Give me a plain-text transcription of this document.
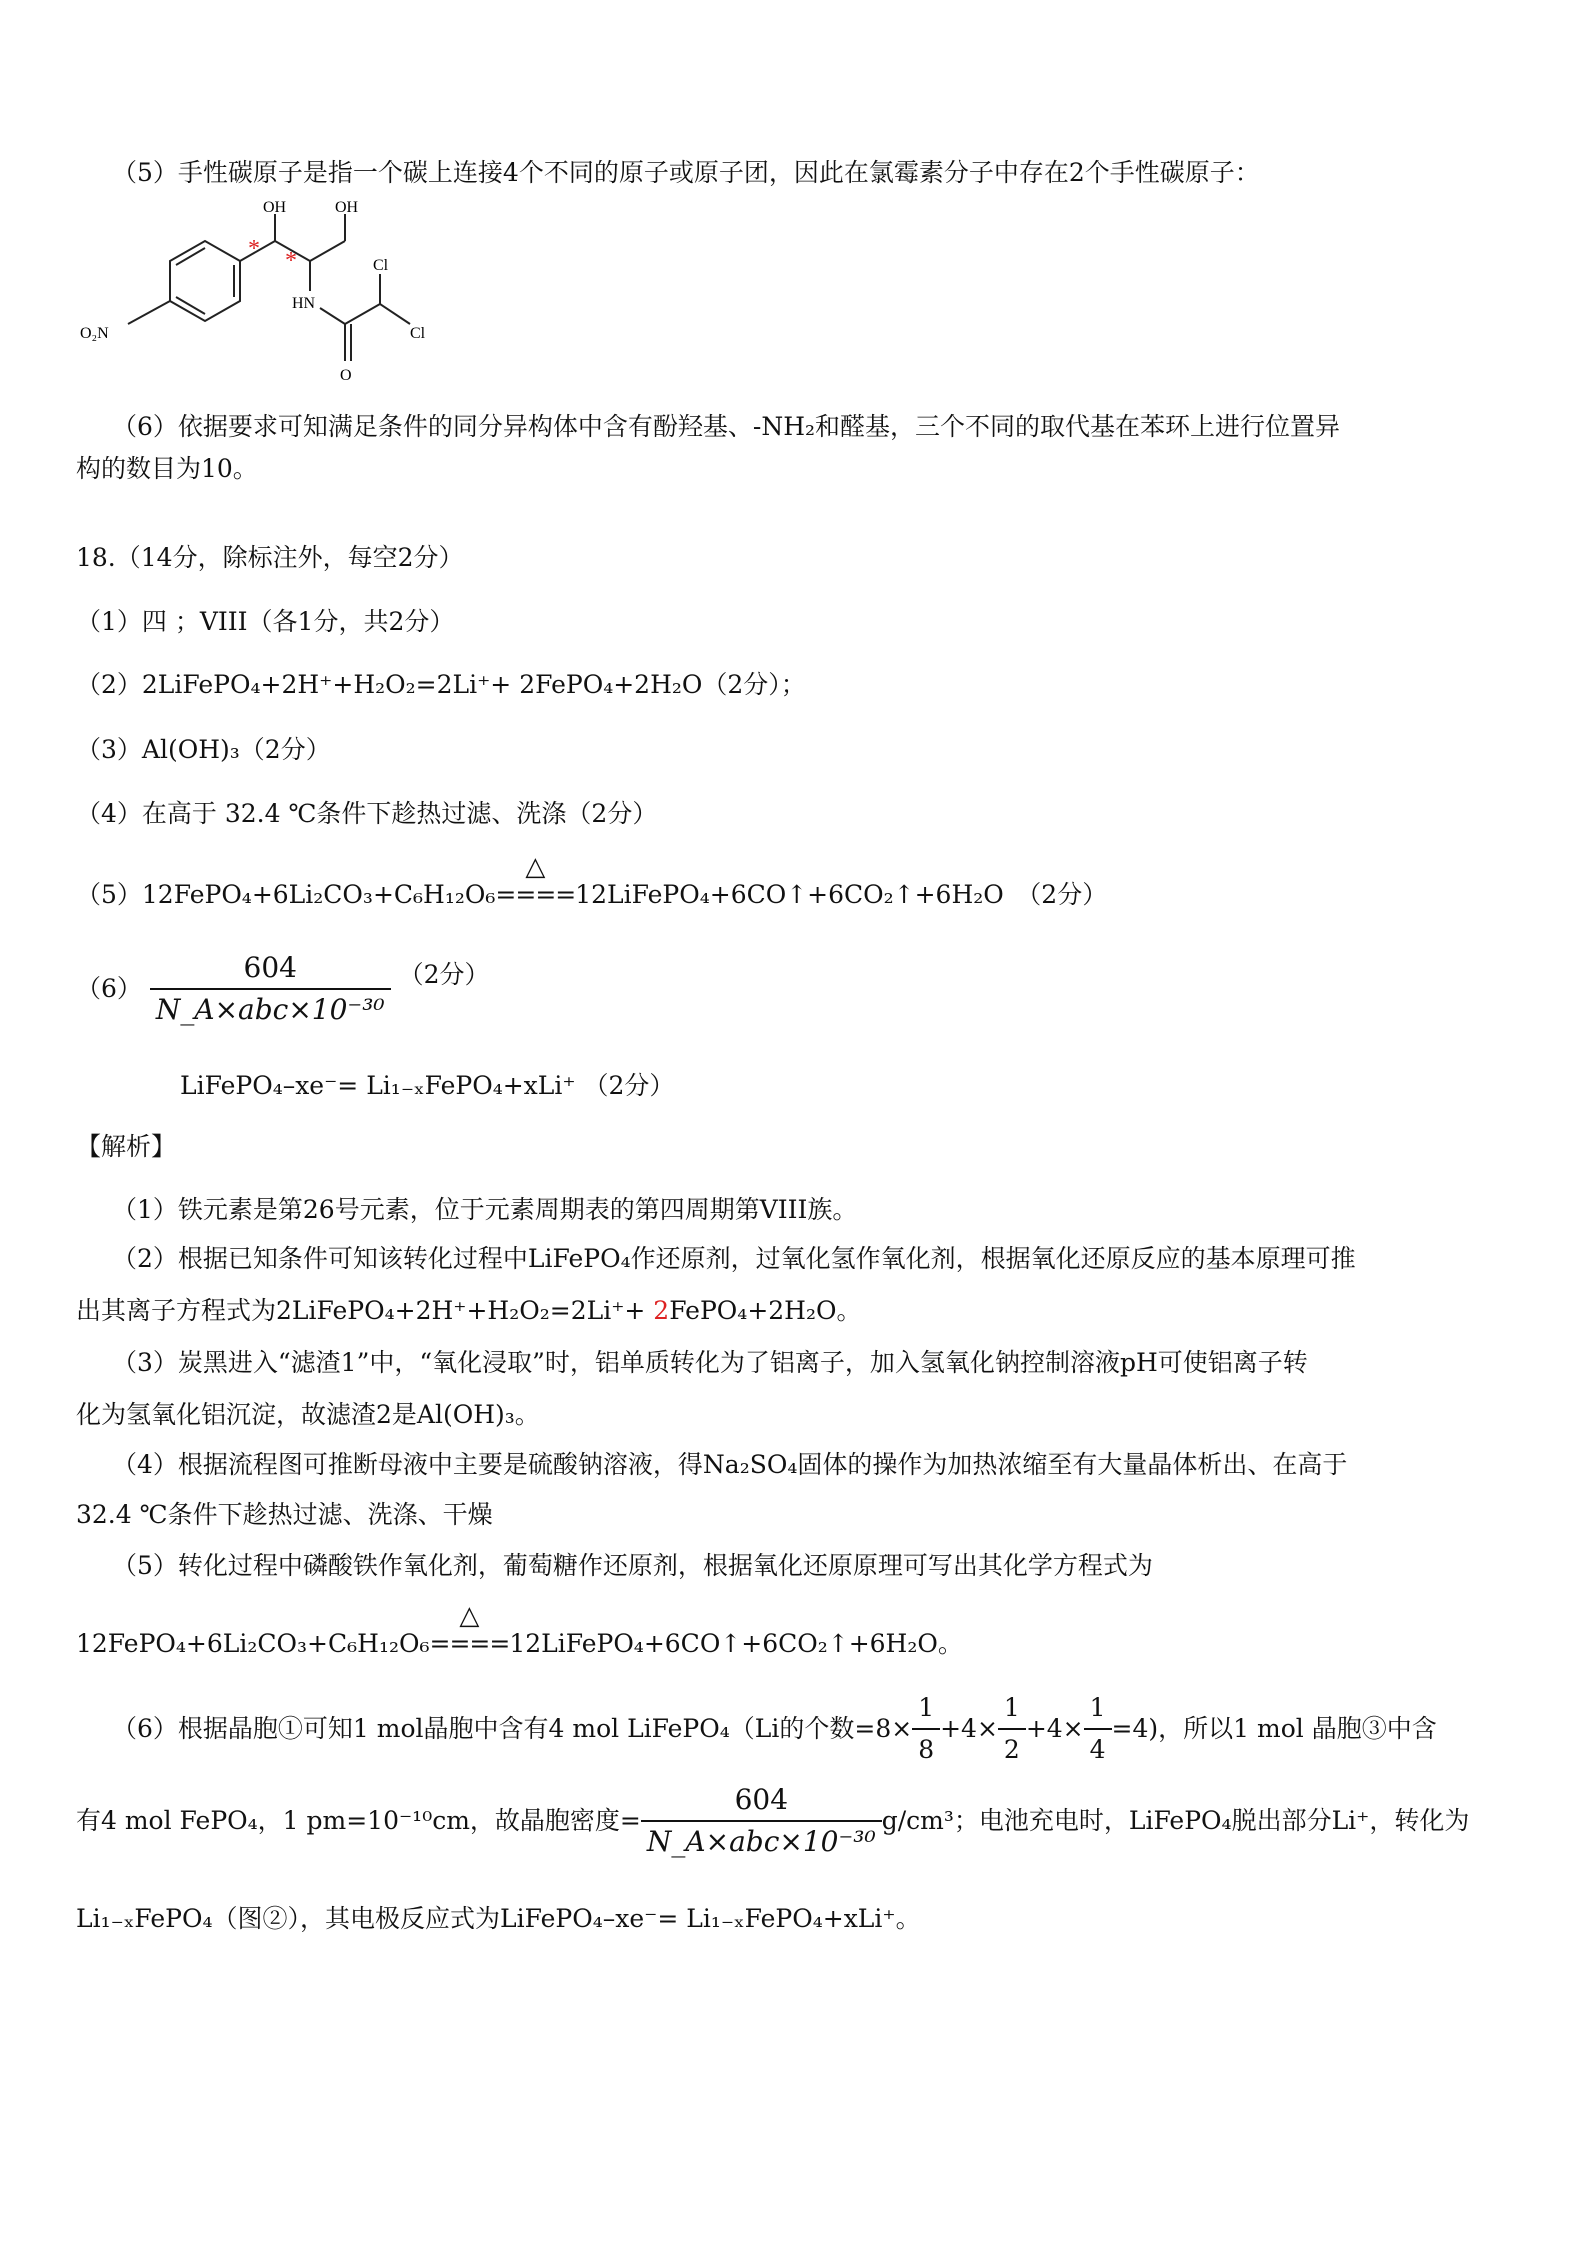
（5）手性碳原子是指一个碳上连接4个不同的原子或原子团，因此在氯霉素分子中存在2个手性碳原子：
OH	OH
Cl
Cl
HN
O
O₂N
* *
（6）依据要求可知满足条件的同分异构体中含有酚羟基、-NH₂和醛基，三个不同的取代基在苯环上进行位置异
构的数目为10。
18.（14分，除标注外，每空2分）
（1）四 ；VIII（各1分，共2分）
（2）2LiFePO₄+2H⁺+H₂O₂=2Li⁺+ 2FePO₄+2H₂O（2分）；
（3）Al(OH)₃（2分）
（4）在高于 32.4 ℃条件下趁热过滤、洗涤（2分）
（5）12FePO₄+6Li₂CO₃+C₆H₁₂O₆
△
====12LiFePO₄+6CO↑+6CO₂↑+6H₂O　（2分）
$(6) \frac{604}{\text{N\_A×abc×10⁻³⁰}} (2$分）
LiFePO₄–xe⁻= Li₁₋ₓFePO₄+xLi⁺ （2分）
【解析】
（1）铁元素是第26号元素，位于元素周期表的第四周期第VIII族。
（2）根据已知条件可知该转化过程中LiFePO₄作还原剂，过氧化氢作氧化剂，根据氧化还原反应的基本原理可推
出其离子方程式为2LiFePO₄+2H⁺+H₂O₂=2Li⁺+ 2FePO₄+2H₂O。
（3）炭黑进入“滤渣1”中，“氧化浸取”时，铝单质转化为了铝离子，加入氢氧化钠控制溶液pH可使铝离子转
化为氢氧化铝沉淀，故滤渣2是Al(OH)₃。
（4）根据流程图可推断母液中主要是硫酸钠溶液，得Na₂SO₄固体的操作为加热浓缩至有大量晶体析出、在高于
32.4 ℃条件下趁热过滤、洗涤、干燥
（5）转化过程中磷酸铁作氧化剂，葡萄糖作还原剂，根据氧化还原原理可写出其化学方程式为
12FePO₄+6Li₂CO₃+C₆H₁₂O₆
△
====12LiFePO₄+6CO↑+6CO₂↑+6H₂O。
（6）根据晶胞①可知1 mol晶胞中含有4 mol LiFePO₄（Li的个数$=8\times \frac{1}{8} +4\times \frac{1}{2} +4\times \frac{1}{4} =4$)，所以1 mol 晶胞③中含
有4 mol FePO₄，1 pm=10⁻¹⁰cm，故晶胞密度= $\frac{604}{\text{N\_A×abc×10⁻³⁰}} g/cm^3$；电池充电时，LiFePO₄脱出部分Li⁺，转化为
Li₁₋ₓFePO₄（图②），其电极反应式为LiFePO₄–xe⁻= Li₁₋ₓFePO₄+xLi⁺。
